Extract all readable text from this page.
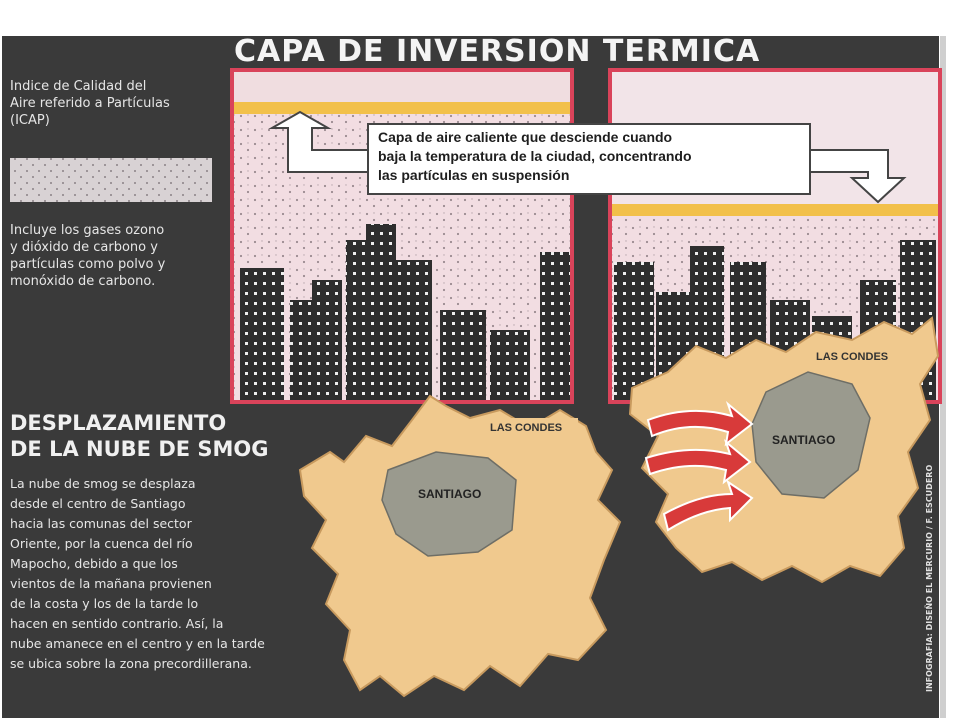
Capa de aire caliente que desciende cuando
baja la temperatura de la ciudad, concentrando
las partículas en suspensión
LAS CONDES
SANTIAGO
LAS CONDES
SANTIAGO
INFOGRAFIA: DISEÑO EL MERCURIO / F. ESCUDERO
CAPA DE INVERSION TERMICA
Indice de Calidad del
Aire referido a Partículas
(ICAP)
Incluye los gases ozono
y dióxido de carbono y
partículas como polvo y
monóxido de carbono.
DESPLAZAMIENTO
DE LA NUBE DE SMOG
La nube de smog se desplaza
desde el centro de Santiago
hacia las comunas del sector
Oriente, por la cuenca del río
Mapocho, debido a que los
vientos de la mañana provienen
de la costa y los de la tarde lo
hacen en sentido contrario. Así, la
nube amanece en el centro y en la tarde
se ubica sobre la zona precordillerana.
